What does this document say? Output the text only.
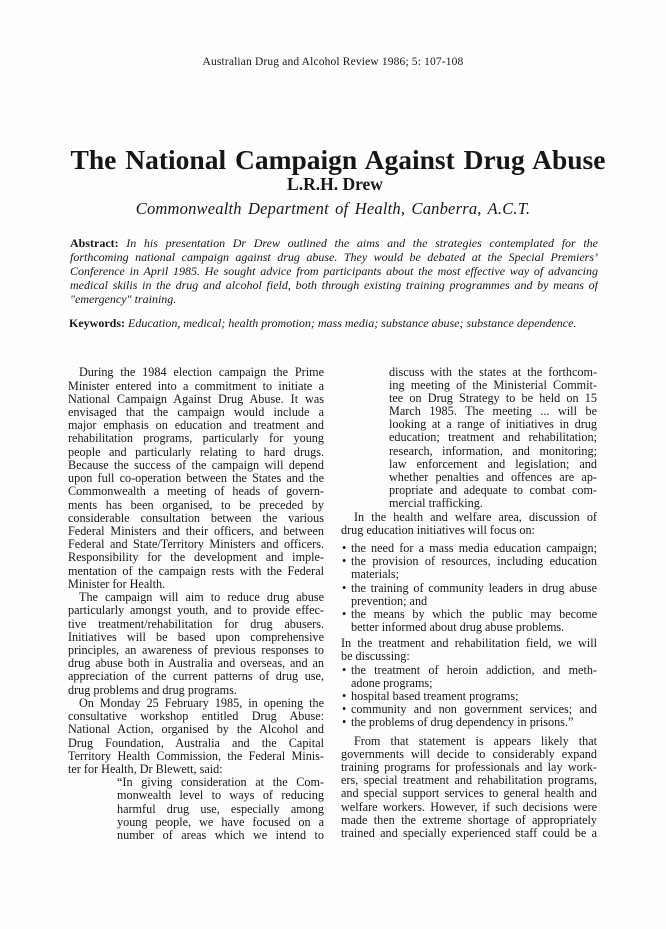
Australian Drug and Alcohol Review 1986; 5: 107-108
The National Campaign Against Drug Abuse
L.R.H. Drew
Commonwealth Department of Health, Canberra, A.C.T.
Abstract: In his presentation Dr Drew outlined the aims and the strategies contemplated for the
forthcoming national campaign against drug abuse. They would be debated at the Special Premiers’
Conference in April 1985. He sought advice from participants about the most effective way of advancing
medical skilis in the drug and alcohol field, both through existing training programmes and by means of
"emergency" training.
Keywords: Education, medical; health promotion; mass media; substance abuse; substance dependence.
During the 1984 election campaign the Prime
Minister entered into a commitment to initiate a
National Campaign Against Drug Abuse. It was
envisaged that the campaign would include a
major emphasis on education and treatment and
rehabilitation programs, particularly for young
people and particularly relating to hard drugs.
Because the success of the campaign will depend
upon full co-operation between the States and the
Commonwealth a meeting of heads of govern-
ments has been organised, to be preceded by
considerable consultation between the various
Federal Ministers and their officers, and between
Federal and State/Territory Ministers and officers.
Responsibility for the development and imple-
mentation of the campaign rests with the Federal
Minister for Health.
The campaign will aim to reduce drug abuse
particularly amongst youth, and to provide effec-
tive treatment/rehabilitation for drug abusers.
Initiatives will be based upon comprehensive
principles, an awareness of previous responses to
drug abuse both in Australia and overseas, and an
appreciation of the current patterns of drug use,
drug problems and drug programs.
On Monday 25 February 1985, in opening the
consultative workshop entitled Drug Abuse:
National Action, organised by the Alcohol and
Drug Foundation, Australia and the Capital
Territory Health Commission, the Federal Minis-
ter for Health, Dr Blewett, said:
“In giving consideration at the Com-
monwealth level to ways of reducing
harmful drug use, especially among
young people, we have focused on a
number of areas which we intend to
discuss with the states at the forthcom-
ing meeting of the Ministerial Commit-
tee on Drug Strategy to be held on 15
March 1985. The meeting ... will be
looking at a range of initiatives in drug
education; treatment and rehabilitation;
research, information, and monitoring;
law enforcement and legislation; and
whether penalties and offences are ap-
propriate and adequate to combat com-
mercial trafficking.
In the health and welfare area, discussion of
drug education initiatives will focus on:
• the need for a mass media education campaign;
• the provision of resources, including education
materials;
• the training of community leaders in drug abuse
prevention; and
• the means by which the public may become
better informed about drug abuse problems.
In the treatment and rehabilitation field, we will
be discussing:
• the treatment of heroin addiction, and meth-
adone programs;
• hospital based treament programs;
• community and non government services; and
• the problems of drug dependency in prisons.”
From that statement is appears likely that
governments will decide to considerably expand
training programs for professionals and lay work-
ers, special treatment and rehabilitation programs,
and special support services to general health and
welfare workers. However, if such decisions were
made then the extreme shortage of appropriately
trained and specially experienced staff could be a
